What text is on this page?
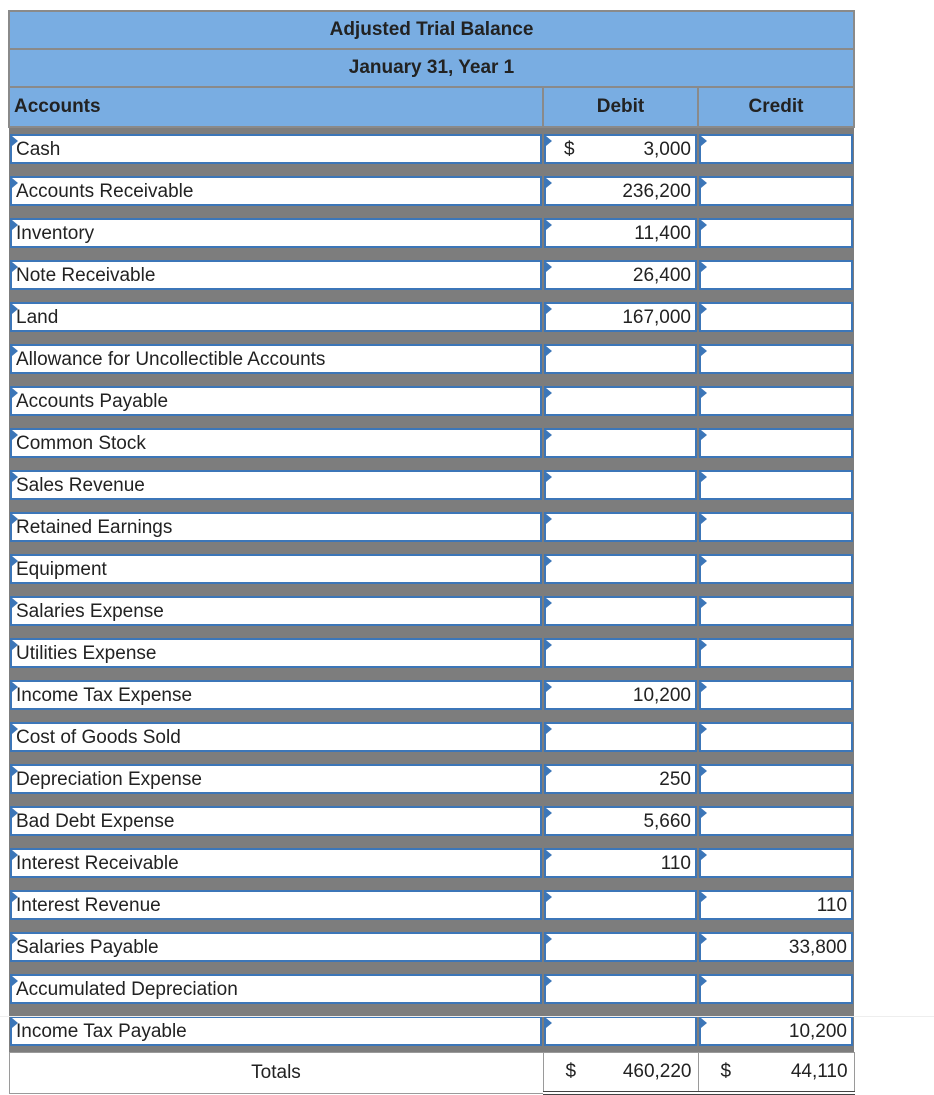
Adjusted Trial Balance		
January 31, Year 1		
Accounts	Debit	Credit

Cash	$ 3,000	

Accounts Receivable	236,200	

Inventory	11,400	

Note Receivable	26,400	

Land	167,000	

Allowance for Uncollectible Accounts		

Accounts Payable		

Common Stock		

Sales Revenue		

Retained Earnings		

Equipment		

Salaries Expense		

Utilities Expense		

Income Tax Expense	10,200	

Cost of Goods Sold		

Depreciation Expense	250	

Bad Debt Expense	5,660	

Interest Receivable	110	

Interest Revenue		110

Salaries Payable		33,800

Accumulated Depreciation		

Income Tax Payable		10,200

Totals	$ 460,220	$ 44,110
